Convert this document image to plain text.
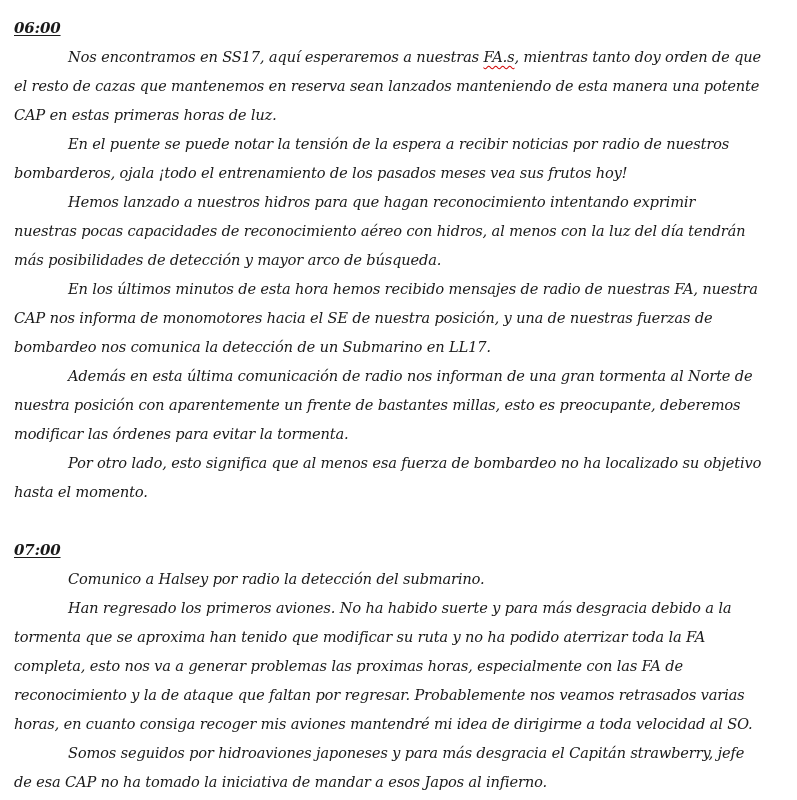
06:00

Nos encontramos en SS17, aquí esperaremos a nuestras FA.s, mientras tanto doy orden de que el resto de cazas que mantenemos en reserva sean lanzados manteniendo de esta manera una potente CAP en estas primeras horas de luz.

En el puente se puede notar la tensión de la espera a recibir noticias por radio de nuestros bombarderos, ojala ¡todo el entrenamiento de los pasados meses vea sus frutos hoy!

Hemos lanzado a nuestros hidros para que hagan reconocimiento intentando exprimir nuestras pocas capacidades de reconocimiento aéreo con hidros, al menos con la luz del día tendrán más posibilidades de detección y mayor arco de búsqueda.

En los últimos minutos de esta hora hemos recibido mensajes de radio de nuestras FA, nuestra CAP nos informa de monomotores hacia el SE de nuestra posición, y una de nuestras fuerzas de bombardeo nos comunica la detección de un Submarino en LL17.

Además en esta última comunicación de radio nos informan de una gran tormenta al Norte de nuestra posición con aparentemente un frente de bastantes millas, esto es preocupante, deberemos modificar las órdenes para evitar la tormenta.

Por otro lado, esto significa que al menos esa fuerza de bombardeo no ha localizado su objetivo hasta el momento.

07:00

Comunico a Halsey por radio la detección del submarino.

Han regresado los primeros aviones. No ha habido suerte y para más desgracia debido a la tormenta que se aproxima han tenido que modificar su ruta y no ha podido aterrizar toda la FA completa, esto nos va a generar problemas las proximas horas, especialmente con las FA de reconocimiento y la de ataque que faltan por regresar. Probablemente nos veamos retrasados varias horas, en cuanto consiga recoger mis aviones mantendré mi idea de dirigirme a toda velocidad al SO.

Somos seguidos por hidroaviones japoneses y para más desgracia el Capitán strawberry, jefe de esa CAP no ha tomado la iniciativa de mandar a esos Japos al infierno.
